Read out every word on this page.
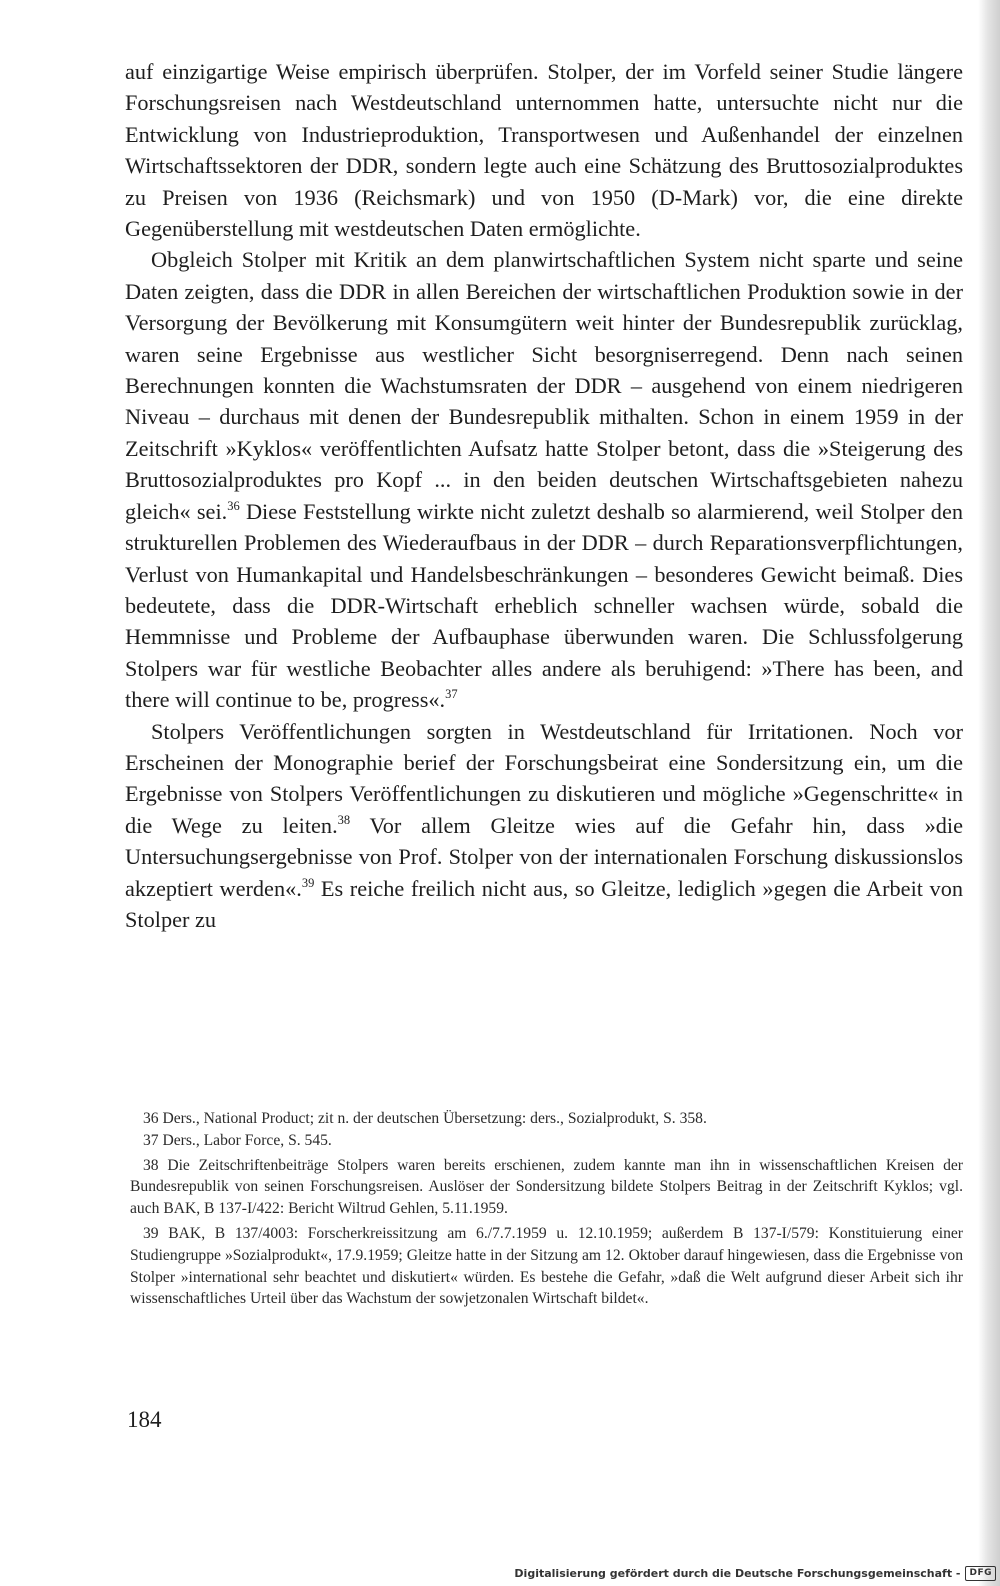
auf einzigartige Weise empirisch überprüfen. Stolper, der im Vorfeld seiner Studie längere Forschungsreisen nach Westdeutschland unternommen hatte, untersuchte nicht nur die Entwicklung von Industrieproduktion, Transportwesen und Außenhandel der einzelnen Wirtschaftssektoren der DDR, sondern legte auch eine Schätzung des Bruttosozialproduktes zu Preisen von 1936 (Reichsmark) und von 1950 (D-Mark) vor, die eine direkte Gegenüberstellung mit westdeutschen Daten ermöglichte.

Obgleich Stolper mit Kritik an dem planwirtschaftlichen System nicht sparte und seine Daten zeigten, dass die DDR in allen Bereichen der wirtschaftlichen Produktion sowie in der Versorgung der Bevölkerung mit Konsumgütern weit hinter der Bundesrepublik zurücklag, waren seine Ergebnisse aus westlicher Sicht besorgniserregend. Denn nach seinen Berechnungen konnten die Wachstumsraten der DDR – ausgehend von einem niedrigeren Niveau – durchaus mit denen der Bundesrepublik mithalten. Schon in einem 1959 in der Zeitschrift »Kyklos« veröffentlichten Aufsatz hatte Stolper betont, dass die »Steigerung des Bruttosozialproduktes pro Kopf ... in den beiden deutschen Wirtschaftsgebieten nahezu gleich« sei.$^{36}$ Diese Feststellung wirkte nicht zuletzt deshalb so alarmierend, weil Stolper den strukturellen Problemen des Wiederaufbaus in der DDR – durch Reparationsverpflichtungen, Verlust von Humankapital und Handelsbeschränkungen – besonderes Gewicht beimaß. Dies bedeutete, dass die DDR-Wirtschaft erheblich schneller wachsen würde, sobald die Hemmnisse und Probleme der Aufbauphase überwunden waren. Die Schlussfolgerung Stolpers war für westliche Beobachter alles andere als beruhigend: »There has been, and there will continue to be, progress«.$^{37}$

Stolpers Veröffentlichungen sorgten in Westdeutschland für Irritationen. Noch vor Erscheinen der Monographie berief der Forschungsbeirat eine Sondersitzung ein, um die Ergebnisse von Stolpers Veröffentlichungen zu diskutieren und mögliche »Gegenschritte« in die Wege zu leiten.$^{38}$ Vor allem Gleitze wies auf die Gefahr hin, dass »die Untersuchungsergebnisse von Prof. Stolper von der internationalen Forschung diskussionslos akzeptiert werden«.$^{39}$ Es reiche freilich nicht aus, so Gleitze, lediglich »gegen die Arbeit von Stolper zu

36 Ders., National Product; zit n. der deutschen Übersetzung: ders., Sozialprodukt, S. 358.

37 Ders., Labor Force, S. 545.

38 Die Zeitschriftenbeiträge Stolpers waren bereits erschienen, zudem kannte man ihn in wissenschaftlichen Kreisen der Bundesrepublik von seinen Forschungsreisen. Auslöser der Sondersitzung bildete Stolpers Beitrag in der Zeitschrift Kyklos; vgl. auch BAK, B 137-I/422: Bericht Wiltrud Gehlen, 5.11.1959.

39 BAK, B 137/4003: Forscherkreissitzung am 6./7.7.1959 u. 12.10.1959; außerdem B 137-I/579: Konstituierung einer Studiengruppe »Sozialprodukt«, 17.9.1959; Gleitze hatte in der Sitzung am 12. Oktober darauf hingewiesen, dass die Ergebnisse von Stolper »international sehr beachtet und diskutiert« würden. Es bestehe die Gefahr, »daß die Welt aufgrund dieser Arbeit sich ihr wissenschaftliches Urteil über das Wachstum der sowjetzonalen Wirtschaft bildet«.

184
Digitalisierung gefördert durch die Deutsche Forschungsgemeinschaft -	DFG
